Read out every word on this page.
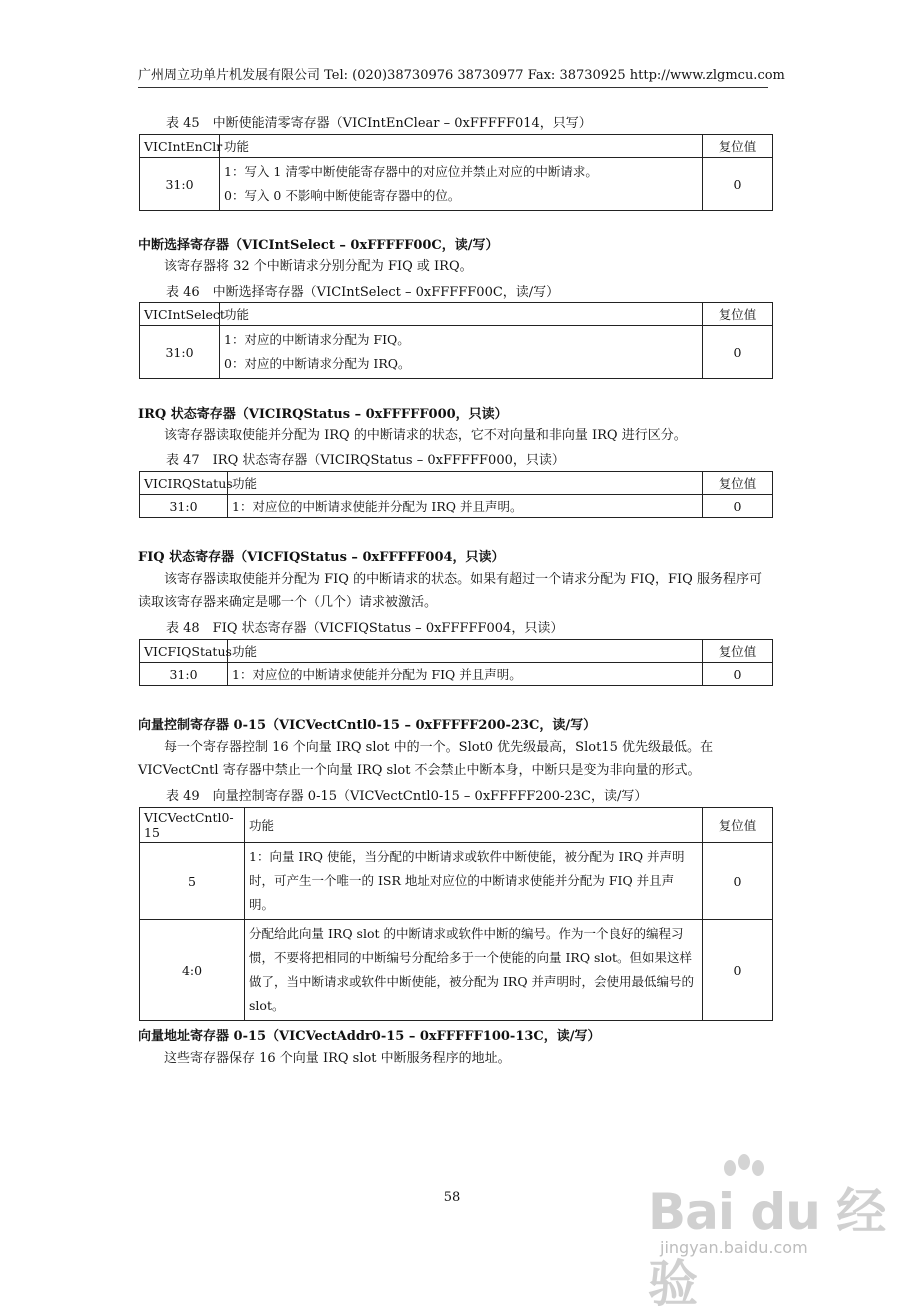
广州周立功单片机发展有限公司 Tel: (020)38730976 38730977 Fax: 38730925 http://www.zlgmcu.com
表 45　中断使能清零寄存器（VICIntEnClear – 0xFFFFF014，只写）
VICIntEnClr	功能	复位值
31:0	1：写入 1 清零中断使能寄存器中的对应位并禁止对应的中断请求。
0：写入 0 不影响中断使能寄存器中的位。	0
中断选择寄存器（VICIntSelect – 0xFFFFF00C，读/写）
该寄存器将 32 个中断请求分别分配为 FIQ 或 IRQ。
表 46　中断选择寄存器（VICIntSelect – 0xFFFFF00C，读/写）
VICIntSelect	功能	复位值
31:0	1：对应的中断请求分配为 FIQ。
0：对应的中断请求分配为 IRQ。	0
IRQ 状态寄存器（VICIRQStatus – 0xFFFFF000，只读）
该寄存器读取使能并分配为 IRQ 的中断请求的状态，它不对向量和非向量 IRQ 进行区分。
表 47　IRQ 状态寄存器（VICIRQStatus – 0xFFFFF000，只读）
VICIRQStatus	功能	复位值
31:0	1：对应位的中断请求使能并分配为 IRQ 并且声明。	0
FIQ 状态寄存器（VICFIQStatus – 0xFFFFF004，只读）
该寄存器读取使能并分配为 FIQ 的中断请求的状态。如果有超过一个请求分配为 FIQ，FIQ 服务程序可读取该寄存器来确定是哪一个（几个）请求被激活。
表 48　FIQ 状态寄存器（VICFIQStatus – 0xFFFFF004，只读）
VICFIQStatus	功能	复位值
31:0	1：对应位的中断请求使能并分配为 FIQ 并且声明。	0
向量控制寄存器 0-15（VICVectCntl0-15 – 0xFFFFF200-23C，读/写）
每一个寄存器控制 16 个向量 IRQ slot 中的一个。Slot0 优先级最高，Slot15 优先级最低。在 VICVectCntl 寄存器中禁止一个向量 IRQ slot 不会禁止中断本身，中断只是变为非向量的形式。
表 49　向量控制寄存器 0-15（VICVectCntl0-15 – 0xFFFFF200-23C，读/写）
VICVectCntl0-15	功能	复位值
5	1：向量 IRQ 使能，当分配的中断请求或软件中断使能，被分配为 IRQ 并声明时，可产生一个唯一的 ISR 地址对应位的中断请求使能并分配为 FIQ 并且声明。	0
4:0	分配给此向量 IRQ slot 的中断请求或软件中断的编号。作为一个良好的编程习惯，不要将把相同的中断编号分配给多于一个使能的向量 IRQ slot。但如果这样做了，当中断请求或软件中断使能，被分配为 IRQ 并声明时，会使用最低编号的 slot。	0
向量地址寄存器 0-15（VICVectAddr0-15 – 0xFFFFF100-13C，读/写）
这些寄存器保存 16 个向量 IRQ slot 中断服务程序的地址。
58	Bai du 经验
jingyan.baidu.com
